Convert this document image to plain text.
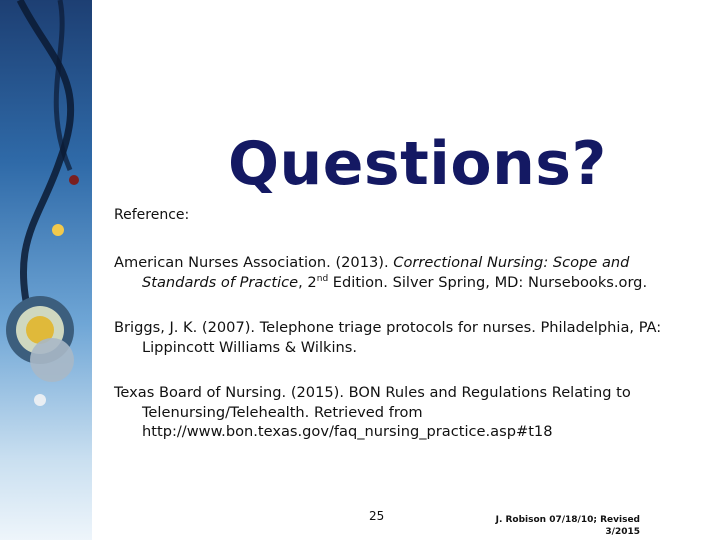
Questions?
Reference:

American Nurses Association. (2013). Correctional Nursing: Scope and Standards of Practice, 2nd Edition. Silver Spring, MD: Nursebooks.org.

Briggs, J. K. (2007). Telephone triage protocols for nurses. Philadelphia, PA: Lippincott Williams & Wilkins.

Texas Board of Nursing. (2015). BON Rules and Regulations Relating to Telenursing/Telehealth. Retrieved from http://www.bon.texas.gov/faq_nursing_practice.asp#t18

25	J. Robison 07/18/10; Revised 3/2015
